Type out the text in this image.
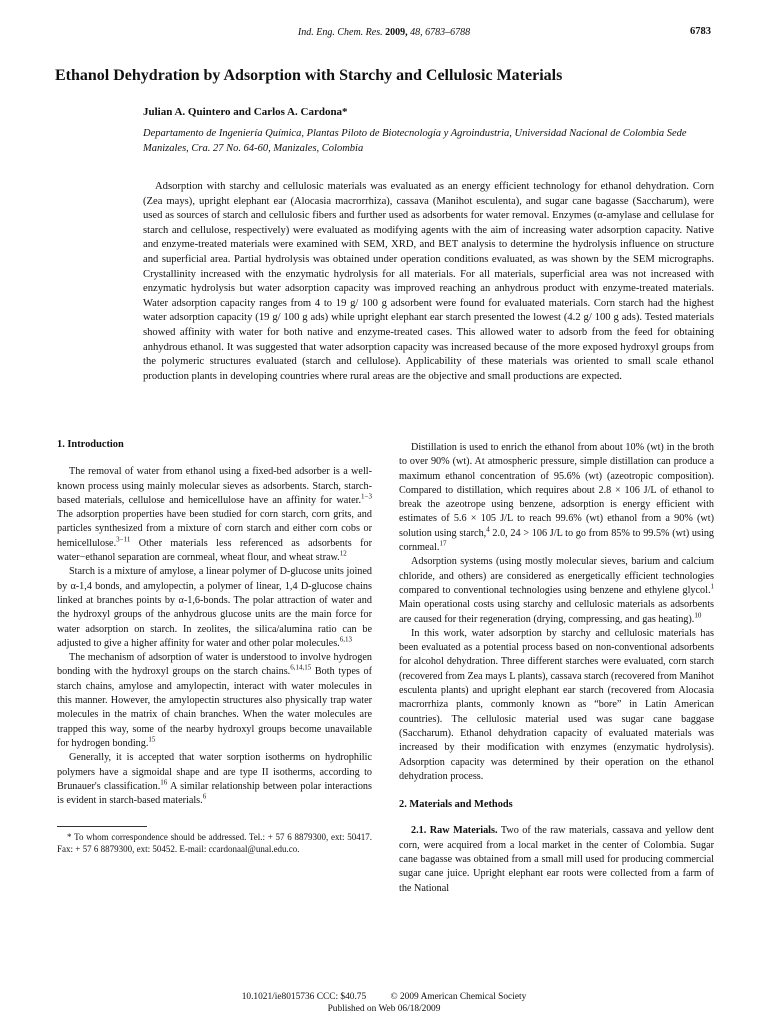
Ind. Eng. Chem. Res. 2009, 48, 6783–6788	6783
Ethanol Dehydration by Adsorption with Starchy and Cellulosic Materials
Julian A. Quintero and Carlos A. Cardona*
Departamento de Ingeniería Química, Plantas Piloto de Biotecnología y Agroindustria, Universidad Nacional de Colombia Sede Manizales, Cra. 27 No. 64-60, Manizales, Colombia

Adsorption with starchy and cellulosic materials was evaluated as an energy efficient technology for ethanol dehydration. Corn (Zea mays), upright elephant ear (Alocasia macrorrhiza), cassava (Manihot esculenta), and sugar cane bagasse (Saccharum), were used as sources of starch and cellulosic fibers and further used as adsorbents for water removal. Enzymes (α-amylase and cellulase for starch and cellulose, respectively) were evaluated as modifying agents with the aim of increasing water adsorption capacity. Native and enzyme-treated materials were examined with SEM, XRD, and BET analysis to determine the hydrolysis influence on structure and superficial area. Partial hydrolysis was obtained under operation conditions evaluated, as was shown by the SEM micrographs. Crystallinity increased with the enzymatic hydrolysis for all materials. For all materials, superficial area was not increased with enzymatic hydrolysis but water adsorption capacity was improved reaching an anhydrous product with enzyme-treated materials. Water adsorption capacity ranges from 4 to 19 g/ 100 g adsorbent were found for evaluated materials. Corn starch had the highest water adsorption capacity (19 g/ 100 g ads) while upright elephant ear starch presented the lowest (4.2 g/ 100 g ads). Tested materials showed affinity with water for both native and enzyme-treated cases. This allowed water to adsorb from the feed for obtaining anhydrous ethanol. It was suggested that water adsorption capacity was increased because of the more exposed hydroxyl groups from the polymeric structures evaluated (starch and cellulose). Applicability of these materials was oriented to small scale ethanol production plants in developing countries where rural areas are the objective and small productions are expected.

1. Introduction

The removal of water from ethanol using a fixed-bed adsorber is a well-known process using mainly molecular sieves as adsorbents. Starch, starch-based materials, cellulose and hemicellulose have an affinity for water.$^{1-3}$ The adsorption properties have been studied for corn starch, corn grits, and particles synthesized from a mixture of corn starch and either corn cobs or hemicellulose.$^{3-11}$ Other materials less referenced as adsorbents for water−ethanol separation are cornmeal, wheat flour, and wheat straw.$^{12}$

Starch is a mixture of amylose, a linear polymer of D-glucose units joined by α-1,4 bonds, and amylopectin, a polymer of linear, 1,4 D-glucose chains linked at branches points by α-1,6-bonds. The polar attraction of water and the hydroxyl groups of the anhydrous glucose units are the main force for water adsorption on starch. In zeolites, the silica/alumina ratio can be adjusted to give a higher affinity for water and other polar molecules.$^{6,13}$

The mechanism of adsorption of water is understood to involve hydrogen bonding with the hydroxyl groups on the starch chains.$^{6,14,15}$ Both types of starch chains, amylose and amylopectin, interact with water molecules in this manner. However, the amylopectin structures also physically trap water molecules in the matrix of chain branches. When the water molecules are trapped this way, some of the nearby hydroxyl groups become unavailable for hydrogen bonding.$^{15}$

Generally, it is accepted that water sorption isotherms on hydrophilic polymers have a sigmoidal shape and are type II isotherms, according to Brunauer's classification.$^{16}$ A similar relationship between polar interactions is evident in starch-based materials.$^6$

* To whom correspondence should be addressed. Tel.: + 57 6 8879300, ext: 50417. Fax: + 57 6 8879300, ext: 50452. E-mail: ccardonaal@unal.edu.co.

Distillation is used to enrich the ethanol from about 10% (wt) in the broth to over 90% (wt). At atmospheric pressure, simple distillation can produce a maximum ethanol concentration of 95.6% (wt) (azeotropic composition). Compared to distillation, which requires about 2.8 × 106 J/L of ethanol to break the azeotrope using benzene, adsorption is energy efficient with estimates of 5.6 × 105 J/L to reach 99.6% (wt) ethanol from a 90% (wt) solution using starch,$^4$ 2.0, 24 > 106 J/L to go from 85% to 99.5% (wt) using cornmeal.$^{17}$

Adsorption systems (using mostly molecular sieves, barium and calcium chloride, and others) are considered as energetically efficient technologies compared to conventional technologies using benzene and ethylene glycol.$^1$ Main operational costs using starchy and cellulosic materials as adsorbents are caused for their regeneration (drying, compressing, and gas heating).$^{10}$

In this work, water adsorption by starchy and cellulosic materials has been evaluated as a potential process based on non-conventional adsorbents for alcohol dehydration. Three different starches were evaluated, corn starch (recovered from Zea mays L plants), cassava starch (recovered from Manihot esculenta plants) and upright elephant ear starch (recovered from Alocasia macrorrhiza plants, commonly known as “bore” in Latin American countries). The cellulosic material used was sugar cane baggase (Saccharum). Ethanol dehydration capacity of evaluated materials was increased by their modification with enzymes (enzymatic hydrolysis). Adsorption capacity was determined by their operation on the ethanol dehydration process.

2. Materials and Methods

2.1. Raw Materials. Two of the raw materials, cassava and yellow dent corn, were acquired from a local market in the center of Colombia. Sugar cane bagasse was obtained from a small mill used for producing commercial sugar cane juice. Upright elephant ear roots were collected from a farm of the National

10.1021/ie8015736 CCC: $40.75	© 2009 American Chemical Society
Published on Web 06/18/2009
